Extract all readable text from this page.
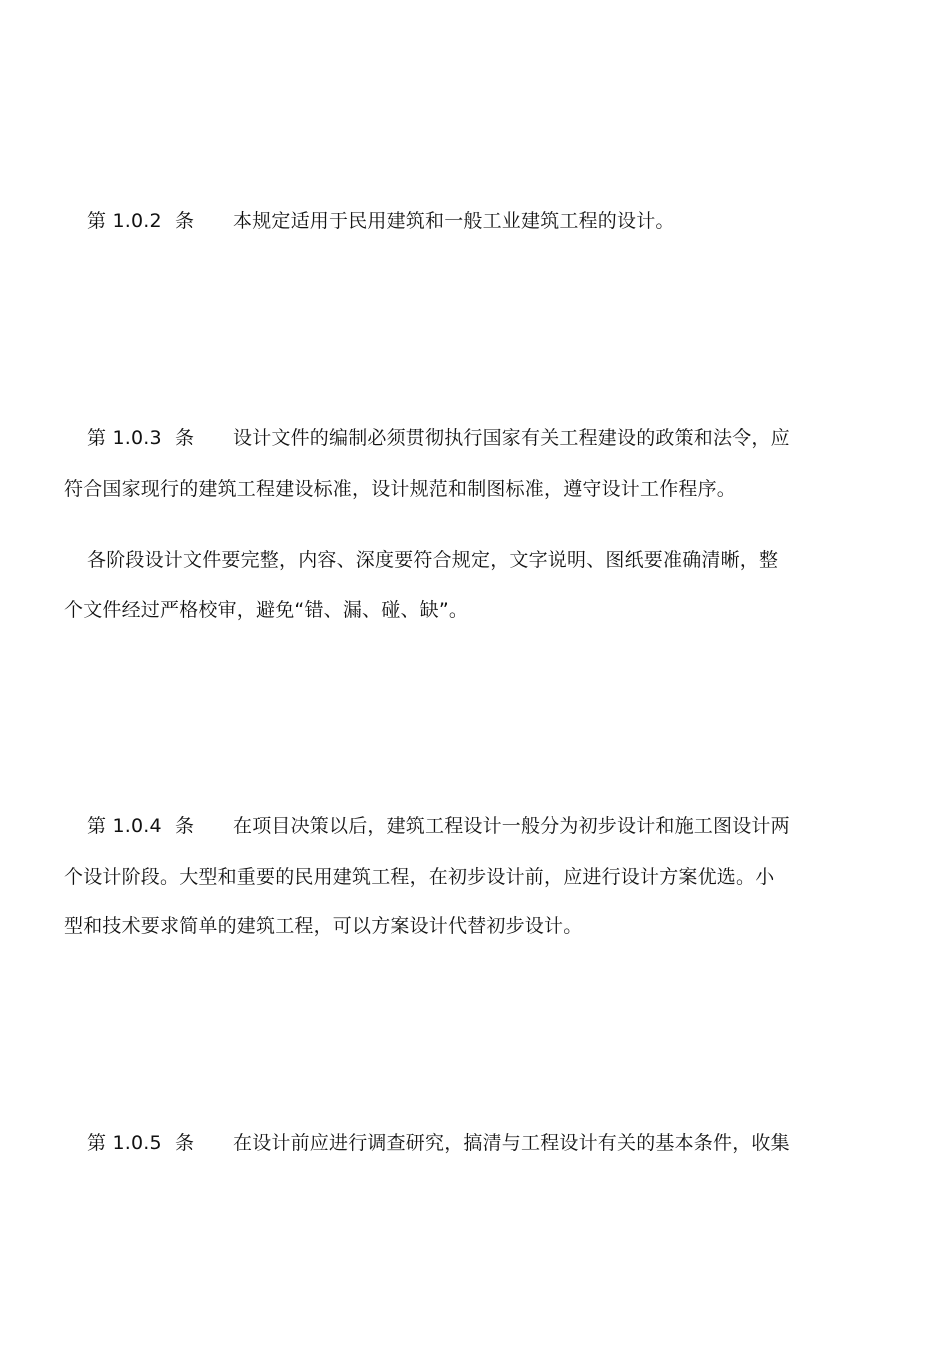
第 1.0.2 条 本规定适用于民用建筑和一般工业建筑工程的设计。
第 1.0.3 条 设计文件的编制必须贯彻执行国家有关工程建设的政策和法令，应
符合国家现行的建筑工程建设标准，设计规范和制图标准，遵守设计工作程序。
各阶段设计文件要完整，内容、深度要符合规定，文字说明、图纸要准确清晰，整
个文件经过严格校审，避免“错、漏、碰、缺”。
第 1.0.4 条 在项目决策以后，建筑工程设计一般分为初步设计和施工图设计两
个设计阶段。大型和重要的民用建筑工程，在初步设计前，应进行设计方案优选。小
型和技术要求简单的建筑工程，可以方案设计代替初步设计。
第 1.0.5 条 在设计前应进行调查研究，搞清与工程设计有关的基本条件，收集
